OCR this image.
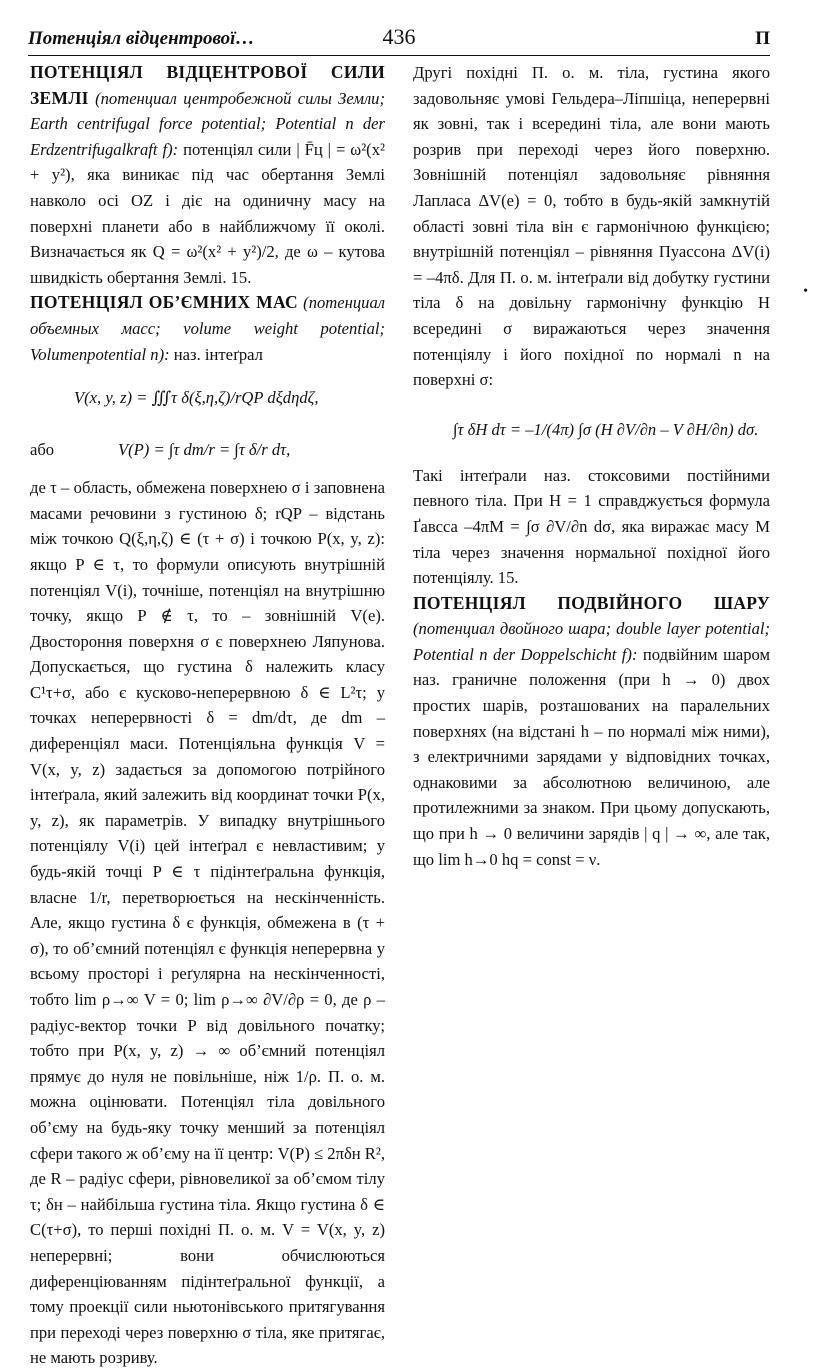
Потенціял відцентрової…	436	П

ПОТЕНЦІЯЛ ВІДЦЕНТРОВОЇ СИЛИ ЗЕМЛІ (потенциал центробежной силы Земли; Earth centrifugal force potential; Potential n der Erdzentrifugalkraft f): потенціял сили | F̄ц | = ω²(x² + y²), яка виникає під час обертання Землі навколо осі OZ і діє на одиничну масу на поверхні планети або в найближчому її околі. Визначається як Q = ω²(x² + y²)/2, де ω – кутова швидкість обертання Землі. 15.

ПОТЕНЦІЯЛ ОБ’ЄМНИХ МАС (потенциал объемных масс; volume weight potential; Volumenpotential n): наз. інтеґрал

V(x, y, z) = ∭τ δ(ξ,η,ζ)/rQP dξdηdζ,
або	V(P) = ∫τ dm/r = ∫τ δ/r dτ,

де τ – область, обмежена поверхнею σ і заповнена масами речовини з густиною δ; rQP – відстань між точкою Q(ξ,η,ζ) ∈ (τ + σ) і точкою P(x, y, z): якщо P ∈ τ, то формули описують внутрішній потенціял V(i), точніше, потенціял на внутрішню точку, якщо P ∉ τ, то – зовнішній V(e). Двостороння поверхня σ є поверхнею Ляпунова. Допускається, що густина δ належить класу C¹τ+σ, або є кусково-неперервною δ ∈ L²τ; у точках неперервності δ = dm/dτ, де dm – диференціял маси. Потенціяльна функція V = V(x, y, z) задається за допомогою потрійного інтеґрала, який залежить від координат точки P(x, y, z), як параметрів. У випадку внутрішнього потенціялу V(i) цей інтеґрал є невластивим; у будь-якій точці P ∈ τ підінтеґральна функція, власне 1/r, перетворюється на нескінченність. Але, якщо густина δ є функція, обмежена в (τ + σ), то об’ємний потенціял є функція неперервна у всьому просторі і реґулярна на нескінченності, тобто lim ρ→∞ V = 0; lim ρ→∞ ∂V/∂ρ = 0, де ρ – радіус-вектор точки P від довільного початку; тобто при P(x, y, z) → ∞ об’ємний потенціял прямує до нуля не повільніше, ніж 1/ρ. П. о. м. можна оцінювати. Потенціял тіла довільного об’єму на будь-яку точку менший за потенціял сфери такого ж об’єму на її центр: V(P) ≤ 2πδн R², де R – радіус сфери, рівновеликої за об’ємом тілу τ; δн – найбільша густина тіла. Якщо густина δ ∈ C(τ+σ), то перші похідні П. о. м. V = V(x, y, z) неперервні; вони обчислюються диференціюванням підінтеґральної функції, а тому проекції сили ньютонівського притягування при переході через поверхню σ тіла, яке притягає, не мають розриву.

Другі похідні П. о. м. тіла, густина якого задовольняє умові Гельдера–Ліпшіца, неперервні як зовні, так і всередині тіла, але вони мають розрив при переході через його поверхню. Зовнішній потенціял задовольняє рівняння Лапласа ΔV(e) = 0, тобто в будь-якій замкнутій області зовні тіла він є гармонічною функцією; внутрішній потенціял – рівняння Пуассона ΔV(i) = –4πδ. Для П. о. м. інтеґрали від добутку густини тіла δ на довільну гармонічну функцію H всередині σ виражаються через значення потенціялу і його похідної по нормалі n на поверхні σ:

∫τ δH dτ = –1/(4π) ∫σ (H ∂V/∂n – V ∂H/∂n) dσ.

Такі інтеґрали наз. стоксовими постійними певного тіла. При H = 1 справджується формула Ґавсса –4πM = ∫σ ∂V/∂n dσ, яка виражає масу M тіла через значення нормальної похідної його потенціялу. 15.

ПОТЕНЦІЯЛ ПОДВІЙНОГО ШАРУ (потенциал двойного шара; double layer potential; Potential n der Doppelschicht f): подвійним шаром наз. граничне положення (при h → 0) двох простих шарів, розташованих на паралельних поверхнях (на відстані h – по нормалі між ними), з електричними зарядами у відповідних точках, однаковими за абсолютною величиною, але протилежними за знаком. При цьому допускають, що при h → 0 величини зарядів | q | → ∞, але так, що lim h→0 hq = const = ν.

•
